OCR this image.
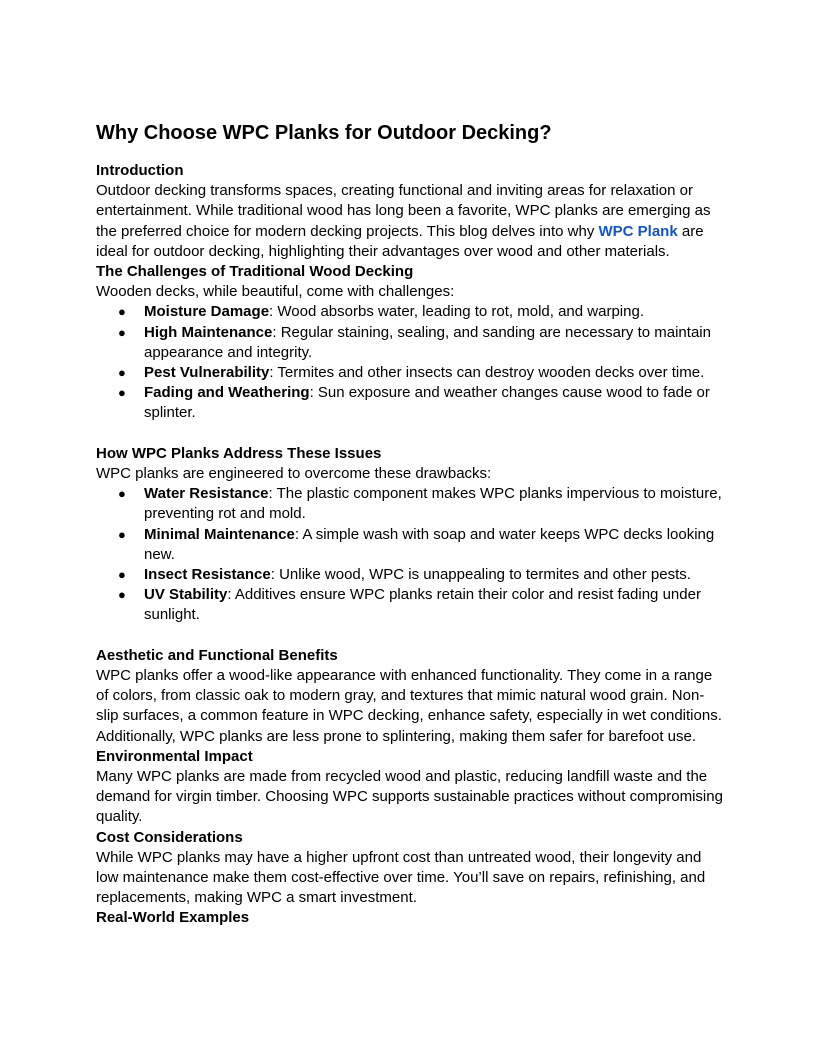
Why Choose WPC Planks for Outdoor Decking?
Introduction

Outdoor decking transforms spaces, creating functional and inviting areas for relaxation or entertainment. While traditional wood has long been a favorite, WPC planks are emerging as the preferred choice for modern decking projects. This blog delves into why WPC Plank are ideal for outdoor decking, highlighting their advantages over wood and other materials.

The Challenges of Traditional Wood Decking

Wooden decks, while beautiful, come with challenges:

● Moisture Damage: Wood absorbs water, leading to rot, mold, and warping.
● High Maintenance: Regular staining, sealing, and sanding are necessary to maintain appearance and integrity.
● Pest Vulnerability: Termites and other insects can destroy wooden decks over time.
● Fading and Weathering: Sun exposure and weather changes cause wood to fade or splinter.
How WPC Planks Address These Issues

WPC planks are engineered to overcome these drawbacks:

● Water Resistance: The plastic component makes WPC planks impervious to moisture, preventing rot and mold.
● Minimal Maintenance: A simple wash with soap and water keeps WPC decks looking new.
● Insect Resistance: Unlike wood, WPC is unappealing to termites and other pests.
● UV Stability: Additives ensure WPC planks retain their color and resist fading under sunlight.
Aesthetic and Functional Benefits

WPC planks offer a wood-like appearance with enhanced functionality. They come in a range of colors, from classic oak to modern gray, and textures that mimic natural wood grain. Non-slip surfaces, a common feature in WPC decking, enhance safety, especially in wet conditions. Additionally, WPC planks are less prone to splintering, making them safer for barefoot use.

Environmental Impact

Many WPC planks are made from recycled wood and plastic, reducing landfill waste and the demand for virgin timber. Choosing WPC supports sustainable practices without compromising quality.

Cost Considerations

While WPC planks may have a higher upfront cost than untreated wood, their longevity and low maintenance make them cost-effective over time. You’ll save on repairs, refinishing, and replacements, making WPC a smart investment.

Real-World Examples
